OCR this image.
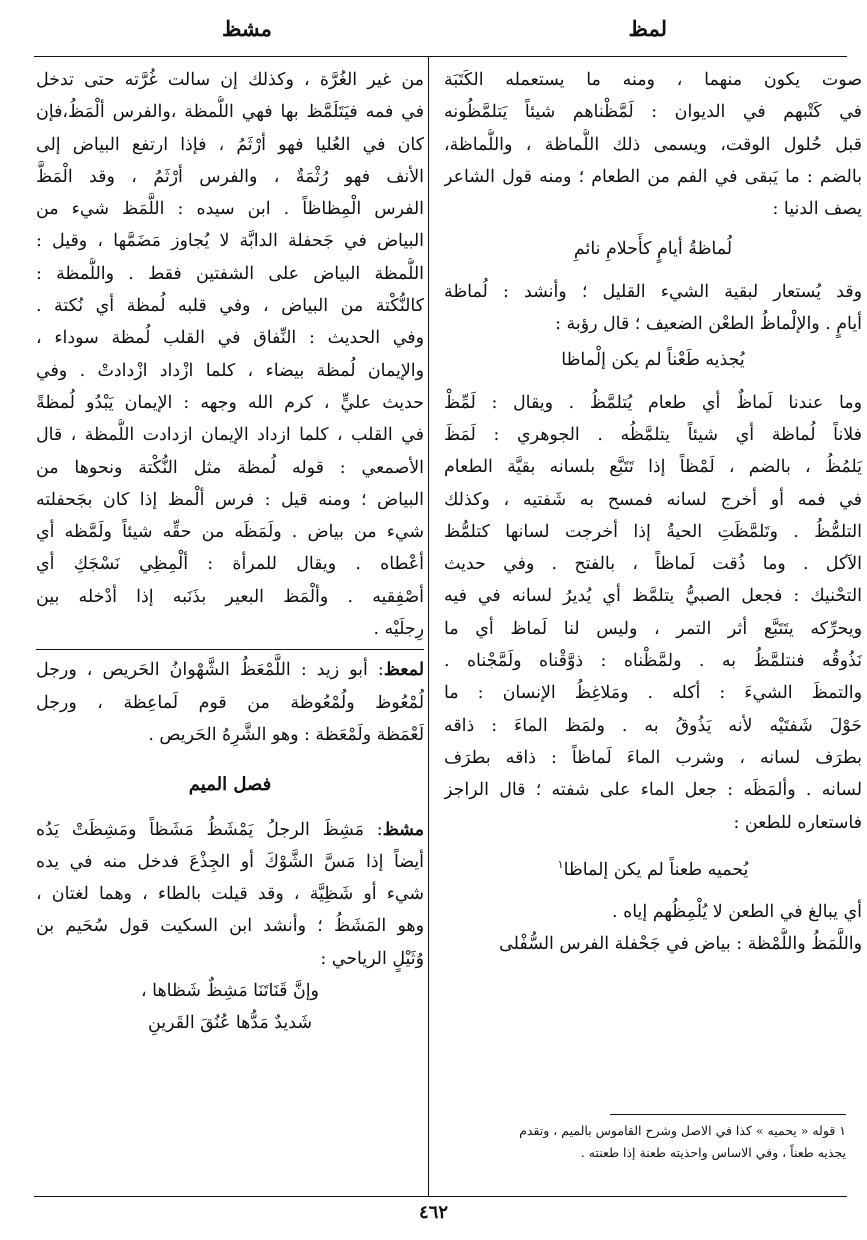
لمظ
مشظ
صوت يكون منهما ، ومنه ما يستعمله الكَتَبَة
في كَتْبهم في الديوان : لَمَّظْناهم شيئاً يَتلمَّظُونه
قبل حُلول الوقت، ويسمى ذلك اللُّماظة ، واللُّماظة،
بالضم : ما يَبقى في الفم من الطعام ؛ ومنه قول الشاعر
يصف الدنيا :
لُماظةُ أيامٍ كأَحلامِ نائمِ
وقد يُستعار لبقية الشيء القليل ؛ وأنشد : لُماظة
أيامٍ . والإلْماظُ الطعْن الضعيف ؛ قال رؤبة :
يُجذيه طَعْناً لم يكن إلْماظا
وما عندنا لَماظٌ أي طعام يُتلمَّظُ . ويقال : لَمِّظْ
فلاناً لُماظة أي شيئاً يتلمَّظُه . الجوهري : لَمَظَ
يَلمُظُ ، بالضم ، لَمْظاً إذا تَتَبَّع بلسانه بقيَّة الطعام
في فمه أو أخرج لسانه فمسح به شَفتيه ، وكذلك
التلمُّظُ . وتَلمَّظَتِ الحيةُ إذا أخرجت لسانها كتلمُّظ
الآكل . وما ذُقت لَماظاً ، بالفتح . وفي حديث
التحْنيك : فجعل الصبيُّ يتلمَّظ أي يُديرُ لسانه في فيه
ويحرِّكه يتَتَبَّع أثر التمر ، وليس لنا لَماظ أي ما
نَذُوقُه فنتلمَّظُ به . ولمَّظْناه : ذوَّقْناه ولَمَّجْناه .
والتمظَ الشيءَ : أكله . ومَلاغِظُ الإنسان : ما
حَوْلَ شَفتَيْه لأنه يَذُوقُ به . ولمَظ الماءَ : ذاقه
بطرَف لسانه ، وشرب الماءَ لَماظاً : ذاقه بطرَف
لسانه . وألمَظَه : جعل الماء على شفته ؛ قال الراجز
فاستعاره للطعن :
يُحميه طعناً لم يكن إلماظا$^١$
أي يبالغ في الطعن لا يُلْمِظُهم إياه .
واللَّمَظُ واللُّمْظة : بياض في جَحْفلة الفرس السُّفْلى
١ قوله « يحميه » كذا في الاصل وشرح القاموس بالميم ، وتقدم
يجذيه طعناً ، وفي الاساس واحذيته طعنة إذا طعنته .
من غير الغُرَّة ، وكذلك إن سالت غُرَّته حتى تدخل
في فمه فيَتَلَمَّظ بها فهي اللُّمظة ،والفرس ألْمَظُ،فإن
كان في العُليا فهو أرْثَمُ ، فإذا ارتفع البياض إلى
الأنف فهو رُثْمَةٌ ، والفرس أرْثَمُ ، وقد الْمَظَّ
الفرس الْمِظاظاً . ابن سيده : اللَّمَظ شيء من
البياض في جَحفلة الدابَّة لا يُجاوز مَضَمَّها ، وقيل :
اللُّمظة البياض على الشفتين فقط . واللُّمظة :
كالنُّكْتة من البياض ، وفي قلبه لُمظة أي نُكتة .
وفي الحديث : النِّفاق في القلب لُمظة سوداء ،
والإيمان لُمظة بيضاء ، كلما ازْداد ازْدادتْ . وفي
حديث عليٍّ ، كرم الله وجهه : الإيمان يَبْدُو لُمظةً
في القلب ، كلما ازداد الإيمان ازدادت اللُّمظة ، قال
الأصمعي : قوله لُمظة مثل النُّكْتة ونحوها من
البياض ؛ ومنه قيل : فرس ألْمظ إذا كان بجَحفلته
شيء من بياض . ولَمَظَه من حقِّه شيئاً ولَمَّظه أي
أعْطاه . ويقال للمرأة : ألْمِظِي نَسْجَكِ أي
أصْفِقيه . وألْمَظ البعير بذَنَبه إذا أدْخله بين
رِجلَيْه .
لمعظ: أبو زيد : اللَّمْعَظُ الشَّهْوانُ الحَريص ، ورجل
لُمْعُوظ ولُمْعُوظة من قوم لَماعِظة ، ورجل
لَعْمَظة ولَمْعَظة : وهو الشَّرِهُ الحَريص .
فصل الميم
مشظ: مَشِظَ الرجلُ يَمْشَظُ مَشَظاً ومَشِظَتْ يَدُه
أيضاً إذا مَسَّ الشَّوْكَ أو الجِذْعَ فدخل منه في يده
شيء أو شَظِيَّة ، وقد قيلت بالطاء ، وهما لغتان ،
وهو المَشَظُ ؛ وأنشد ابن السكيت قول سُحَيم بن
وُثَيْلٍ الرياحي :
وإنَّ قَنَاتَنَا مَشِظٌ شَظاها ،
شَديدٌ مَدُّها عُنُقَ القَرينِ
٤٦٢
